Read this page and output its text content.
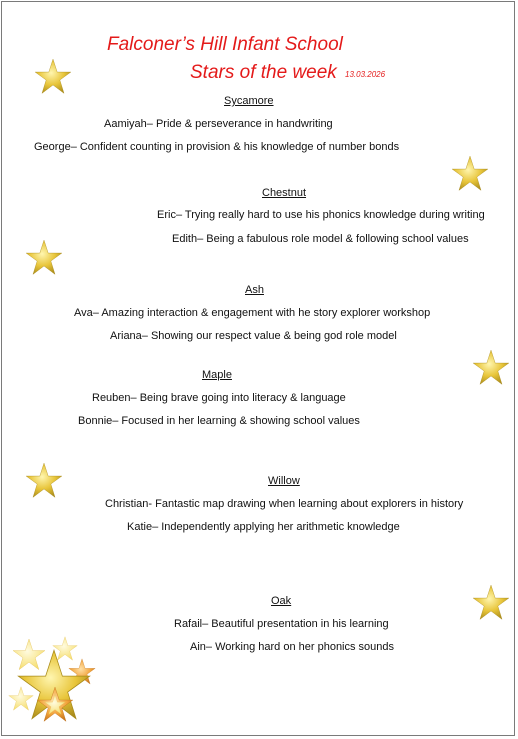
Falconer’s Hill Infant School
Stars of the week 13.03.2026
Sycamore
Aamiyah– Pride & perseverance in handwriting
George– Confident counting in provision & his knowledge of number bonds
Chestnut
Eric– Trying really hard to use his phonics knowledge during writing
Edith– Being a fabulous role model & following school values
Ash
Ava– Amazing interaction & engagement with he story explorer workshop
Ariana– Showing our respect value & being god role model
Maple
Reuben– Being brave going into literacy & language
Bonnie– Focused in her learning & showing school values
Willow
Christian- Fantastic map drawing when learning about explorers in history
Katie– Independently applying her arithmetic knowledge
Oak
Rafail– Beautiful presentation in his learning
Ain– Working hard on her phonics sounds
